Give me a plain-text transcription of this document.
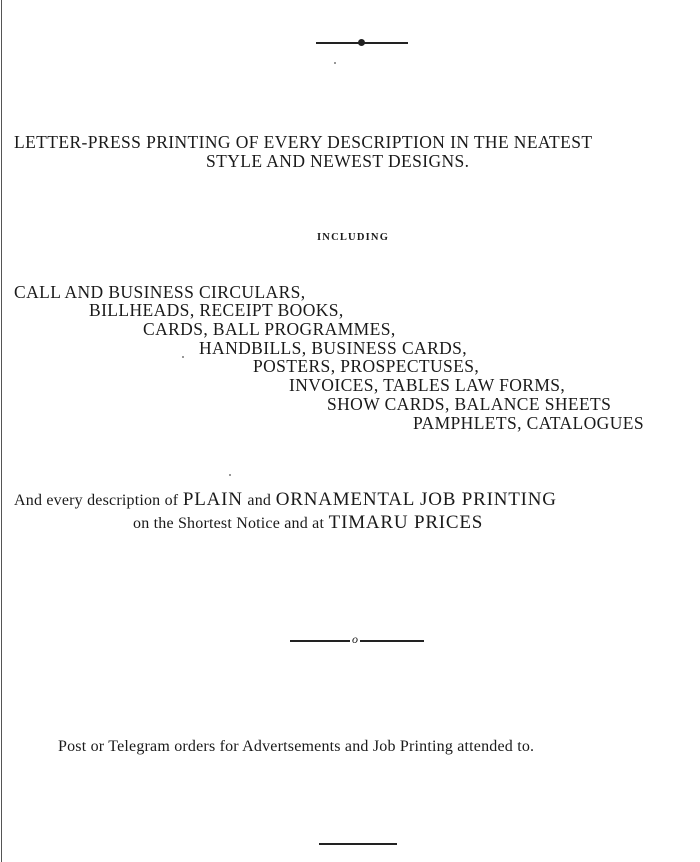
LETTER-PRESS PRINTING OF EVERY DESCRIPTION IN THE NEATEST
STYLE AND NEWEST DESIGNS.
INCLUDING
CALL AND BUSINESS CIRCULARS,
BILLHEADS, RECEIPT BOOKS,
CARDS, BALL PROGRAMMES,
HANDBILLS, BUSINESS CARDS,
POSTERS, PROSPECTUSES,
INVOICES, TABLES LAW FORMS,
SHOW CARDS, BALANCE SHEETS
PAMPHLETS, CATALOGUES
And every description of PLAIN and ORNAMENTAL JOB PRINTING
on the Shortest Notice and at TIMARU PRICES
o
Post or Telegram orders for Advertsements and Job Printing attended to.
